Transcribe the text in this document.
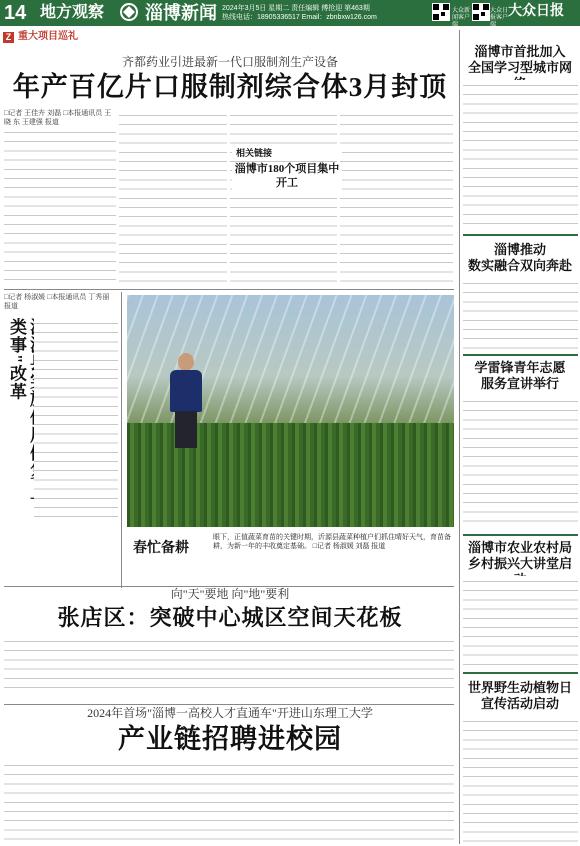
14 地方观察 淄博新闻 2024年3月5日 星期二 责任编辑 傅抢迎 第463期
热线电话：18905336517 Email：zbnbxw126.com
大众新闻客户端
大众日报客户端
大众日报
Z 重大项目巡礼
齐都药业引进最新一代口服制剂生产设备
年产百亿片口服制剂综合体3月封顶
□记者 王佳卉 刘磊 □本报通讯员 王晓 东 王建强 报道
相关链接
淄博市180个项目集中开工
□记者 杨淑媛 □本报通讯员 丁秀丽 报道
类事"改革
春忙备耕
眼下，正值蔬菜育苗的关键时期，沂源县蔬菜种植户们抓住晴好天气，育苗备耕，为新一年的丰收奠定基础。 □记者 杨淑媛 刘磊 报道
向"天"要地 向"地"要利
张店区：突破中心城区空间天花板
2024年首场"淄博一高校人才直通车"开进山东理工大学
产业链招聘进校园
淄博市首批加入
全国学习型城市网
淄博推动
数实融合双向奔赴
学雷锋青年志愿
服务宣讲举行
淄博市农业农村局
乡村振兴大讲堂启
世界野生动植物日
宣传活动启动
